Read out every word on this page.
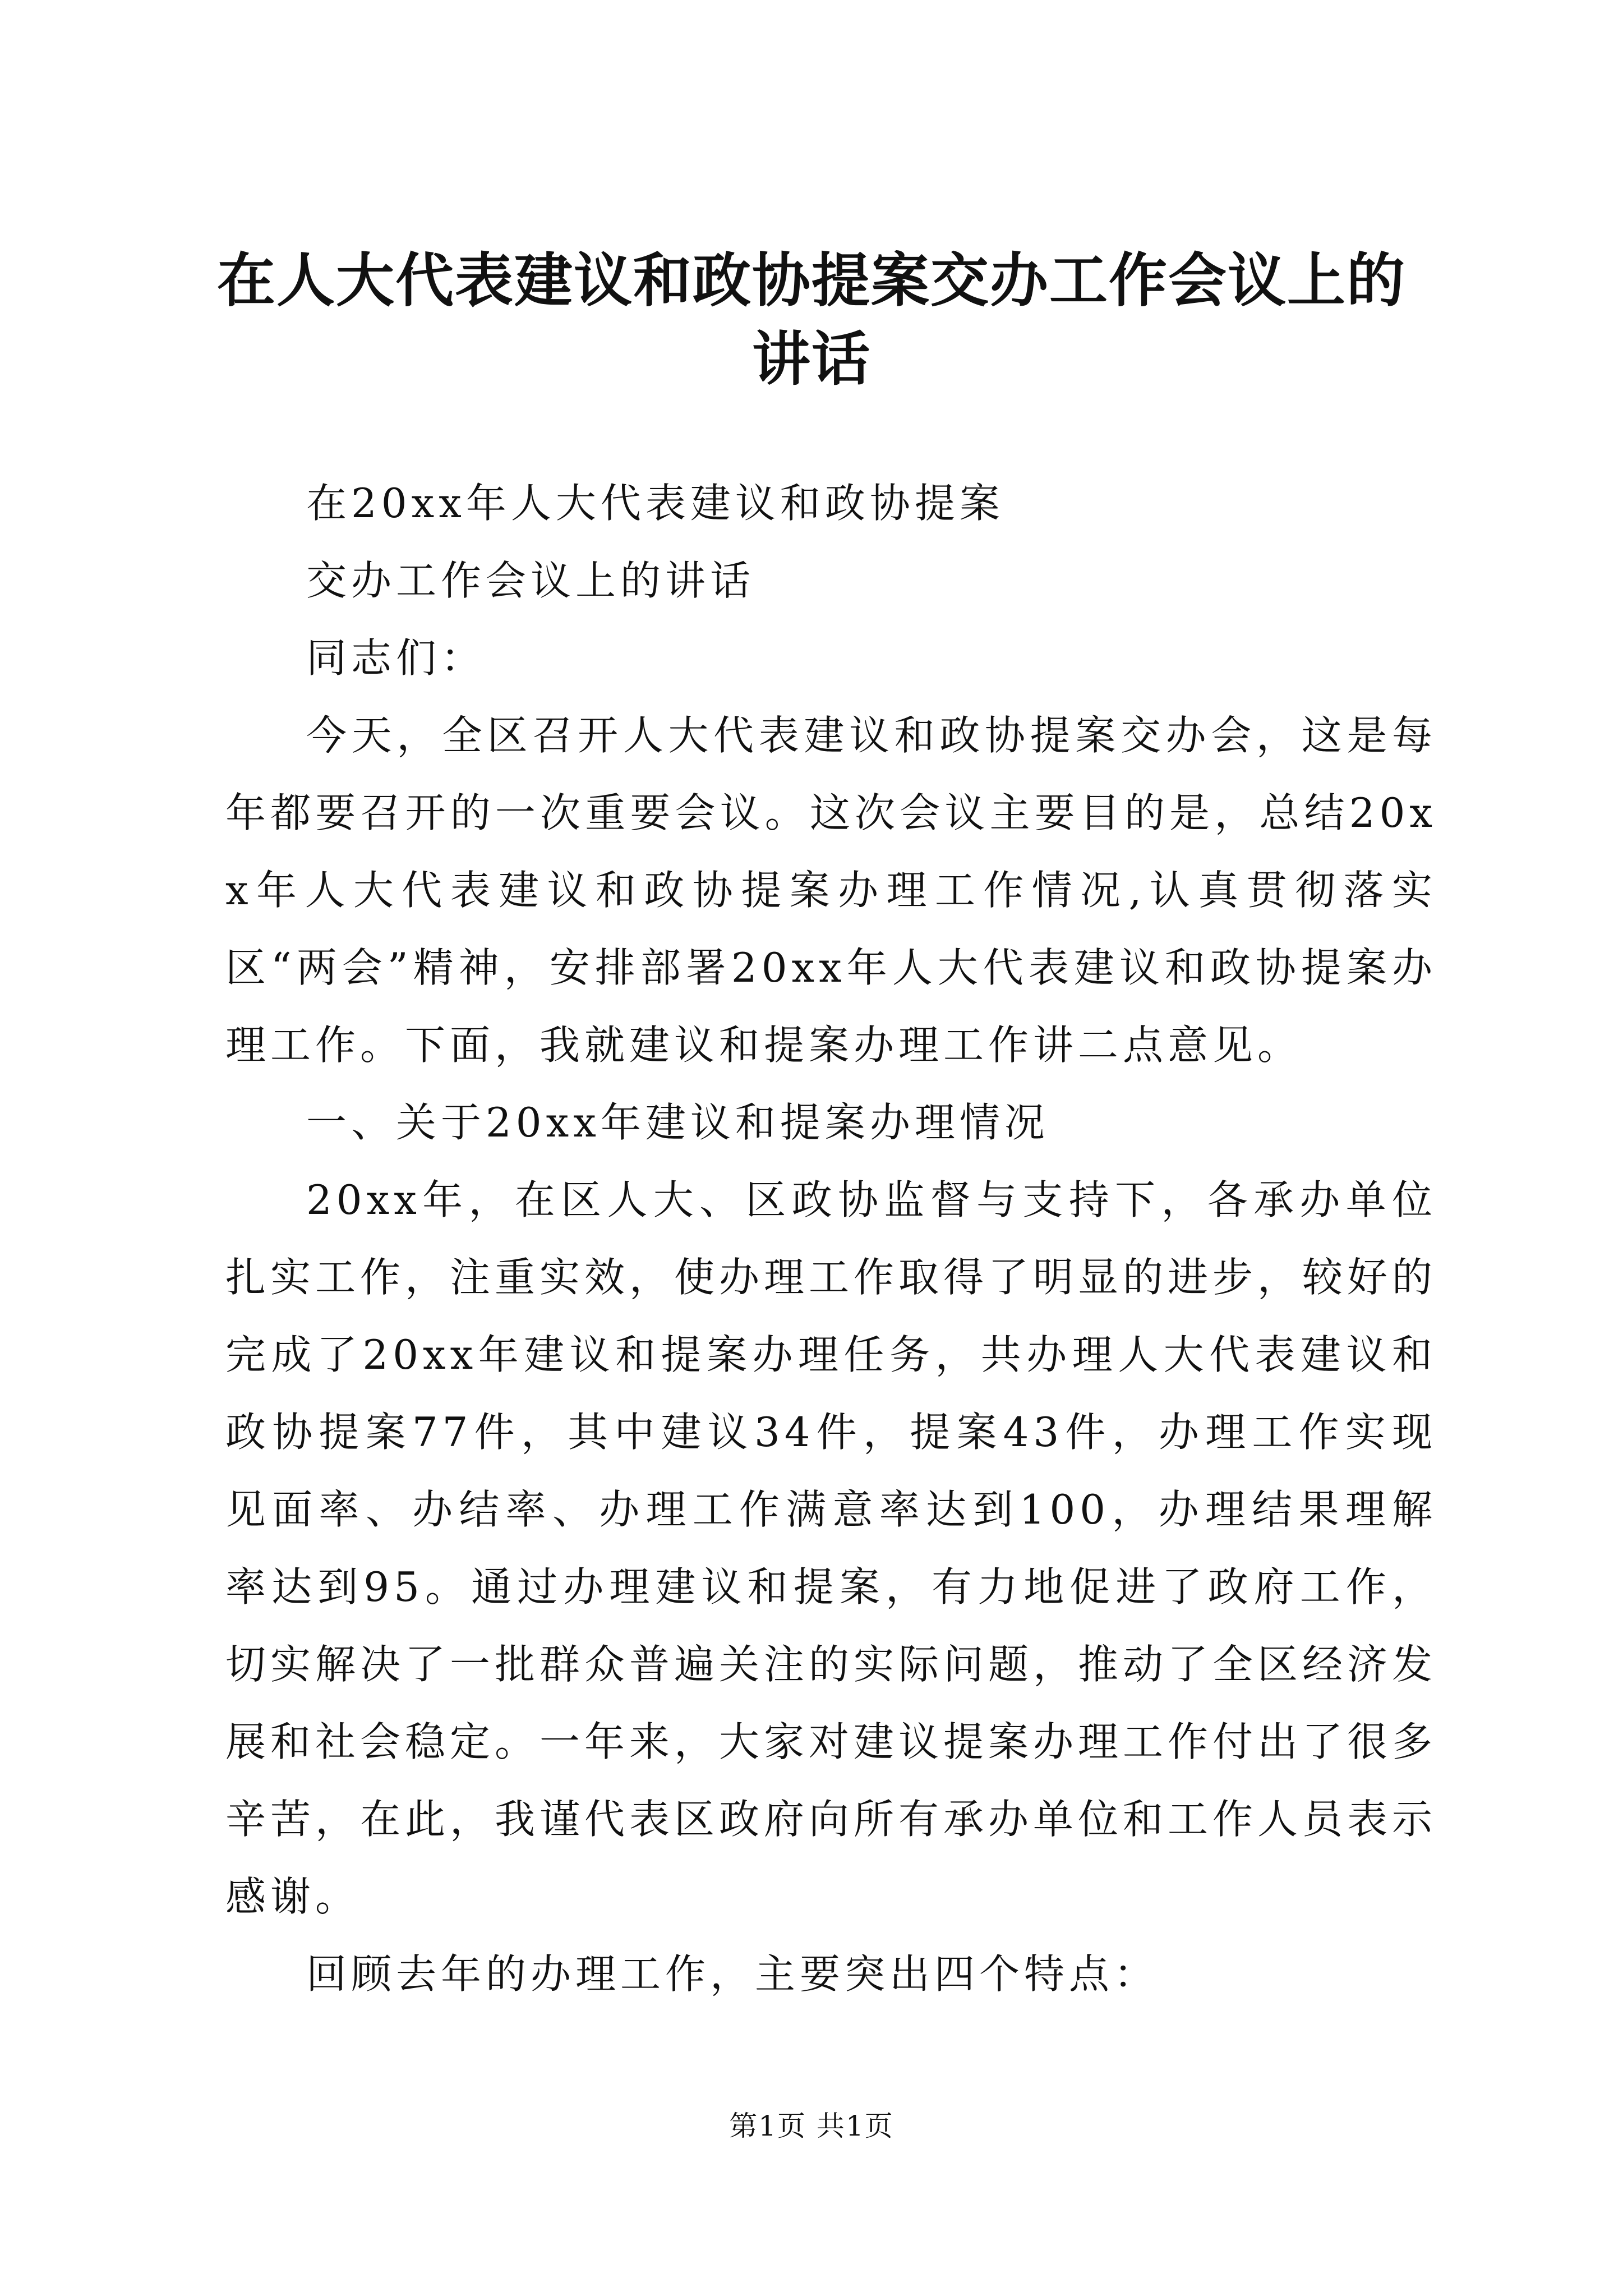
在人大代表建议和政协提案交办工作会议上的
讲话

在20xx年人大代表建议和政协提案

交办工作会议上的讲话

同志们：

今天，全区召开人大代表建议和政协提案交办会，这是每年都要召开的一次重要会议。这次会议主要目的是，总结20xx年人大代表建议和政协提案办理工作情况,认真贯彻落实区“两会”精神，安排部署20xx年人大代表建议和政协提案办理工作。下面，我就建议和提案办理工作讲二点意见。

一、关于20xx年建议和提案办理情况

20xx年，在区人大、区政协监督与支持下，各承办单位扎实工作，注重实效，使办理工作取得了明显的进步，较好的完成了20xx年建议和提案办理任务，共办理人大代表建议和政协提案77件，其中建议34件，提案43件，办理工作实现见面率、办结率、办理工作满意率达到100，办理结果理解率达到95。通过办理建议和提案，有力地促进了政府工作，切实解决了一批群众普遍关注的实际问题，推动了全区经济发展和社会稳定。一年来，大家对建议提案办理工作付出了很多辛苦，在此，我谨代表区政府向所有承办单位和工作人员表示感谢。

回顾去年的办理工作，主要突出四个特点：

第1页 共1页
